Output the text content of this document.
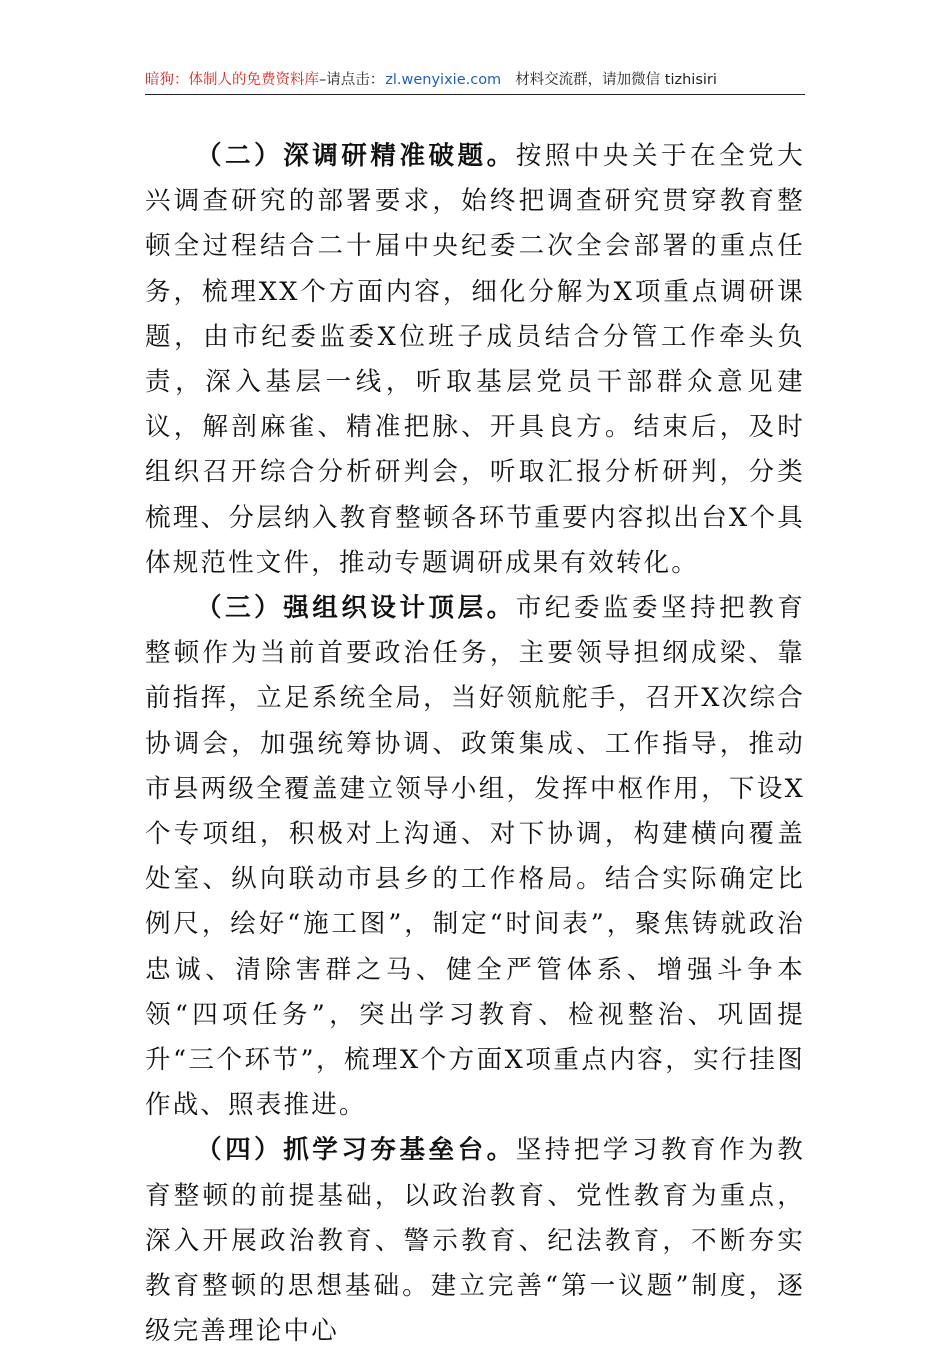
暗狗：体制人的免费资料库 –请点击： zl.wenyixie.com 材料交流群，请加微信 tizhisiri

（二）深调研精准破题。按照中央关于在全党大兴调查研究的部署要求，始终把调查研究贯穿教育整顿全过程结合二十届中央纪委二次全会部署的重点任务，梳理XX个方面内容，细化分解为X项重点调研课题，由市纪委监委X位班子成员结合分管工作牵头负责，深入基层一线，听取基层党员干部群众意见建议，解剖麻雀、精准把脉、开具良方。结束后，及时组织召开综合分析研判会，听取汇报分析研判，分类梳理、分层纳入教育整顿各环节重要内容拟出台X个具体规范性文件，推动专题调研成果有效转化。

（三）强组织设计顶层。市纪委监委坚持把教育整顿作为当前首要政治任务，主要领导担纲成梁、靠前指挥，立足系统全局，当好领航舵手，召开X次综合协调会，加强统筹协调、政策集成、工作指导，推动市县两级全覆盖建立领导小组，发挥中枢作用，下设X个专项组，积极对上沟通、对下协调，构建横向覆盖处室、纵向联动市县乡的工作格局。结合实际确定比例尺，绘好“施工图”，制定“时间表”，聚焦铸就政治忠诚、清除害群之马、健全严管体系、增强斗争本领“四项任务”，突出学习教育、检视整治、巩固提升“三个环节”，梳理X个方面X项重点内容，实行挂图作战、照表推进。

（四）抓学习夯基垒台。坚持把学习教育作为教育整顿的前提基础，以政治教育、党性教育为重点，深入开展政治教育、警示教育、纪法教育，不断夯实教育整顿的思想基础。建立完善“第一议题”制度，逐级完善理论中心
